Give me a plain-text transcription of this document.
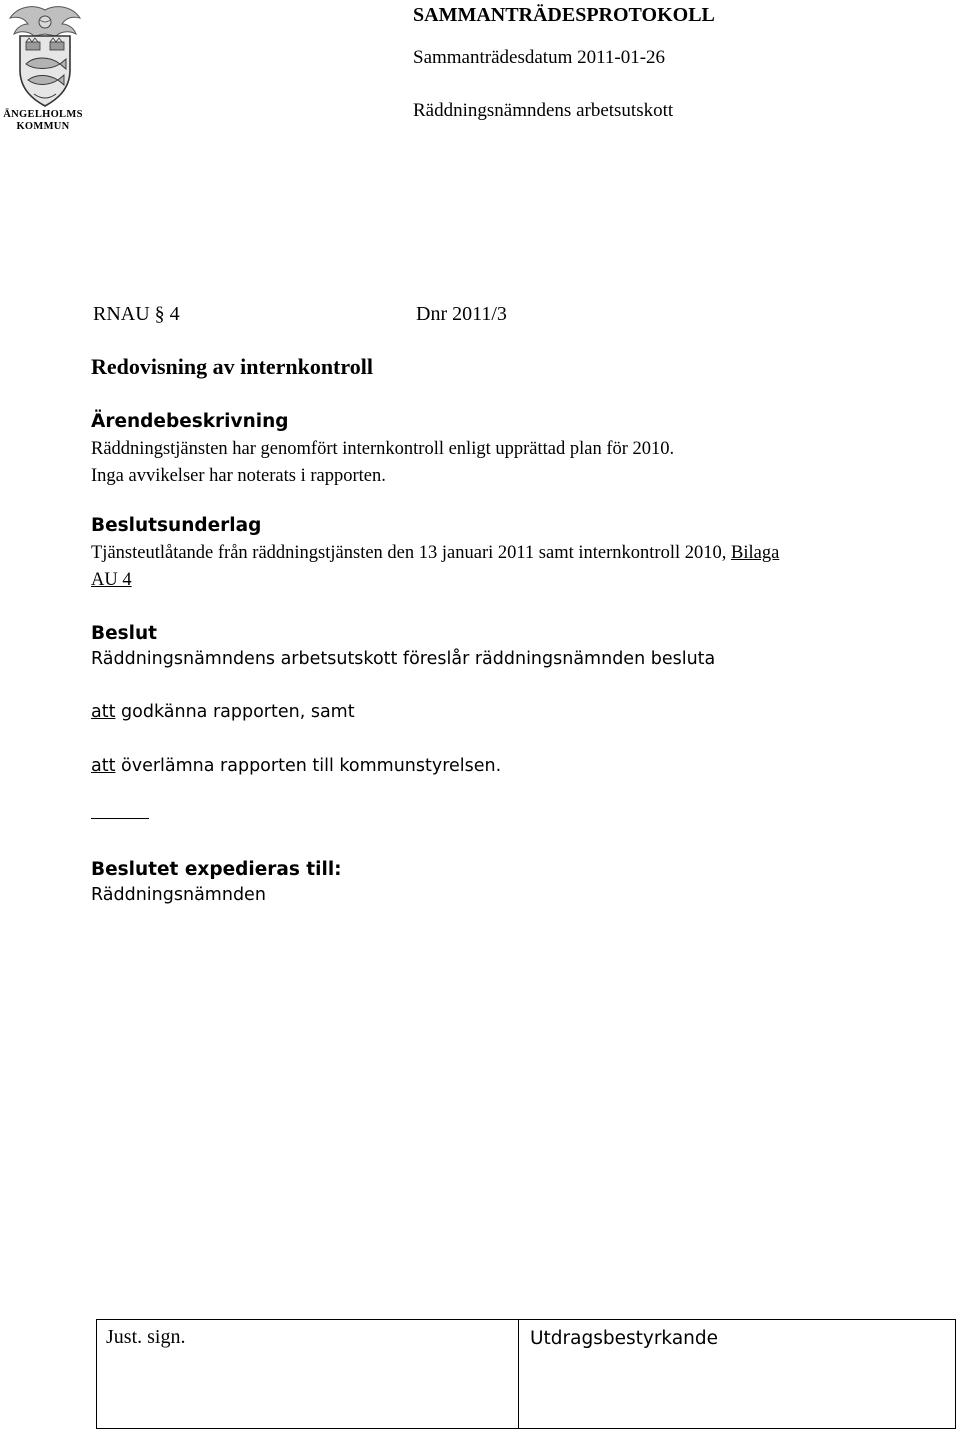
ÄNGELHOLMS
KOMMUN
SAMMANTRÄDESPROTOKOLL
Sammanträdesdatum 2011-01-26
Räddningsnämndens arbetsutskott
RNAU § 4	Dnr 2011/3
Redovisning av internkontroll
Ärendebeskrivning
Räddningstjänsten har genomfört internkontroll enligt upprättad plan för 2010.
Inga avvikelser har noterats i rapporten.
Beslutsunderlag
Tjänsteutlåtande från räddningstjänsten den 13 januari 2011 samt internkontroll 2010, Bilaga
AU 4
Beslut
Räddningsnämndens arbetsutskott föreslår räddningsnämnden besluta
att godkänna rapporten, samt
att överlämna rapporten till kommunstyrelsen.
Beslutet expedieras till:
Räddningsnämnden
Just. sign.	Utdragsbestyrkande
